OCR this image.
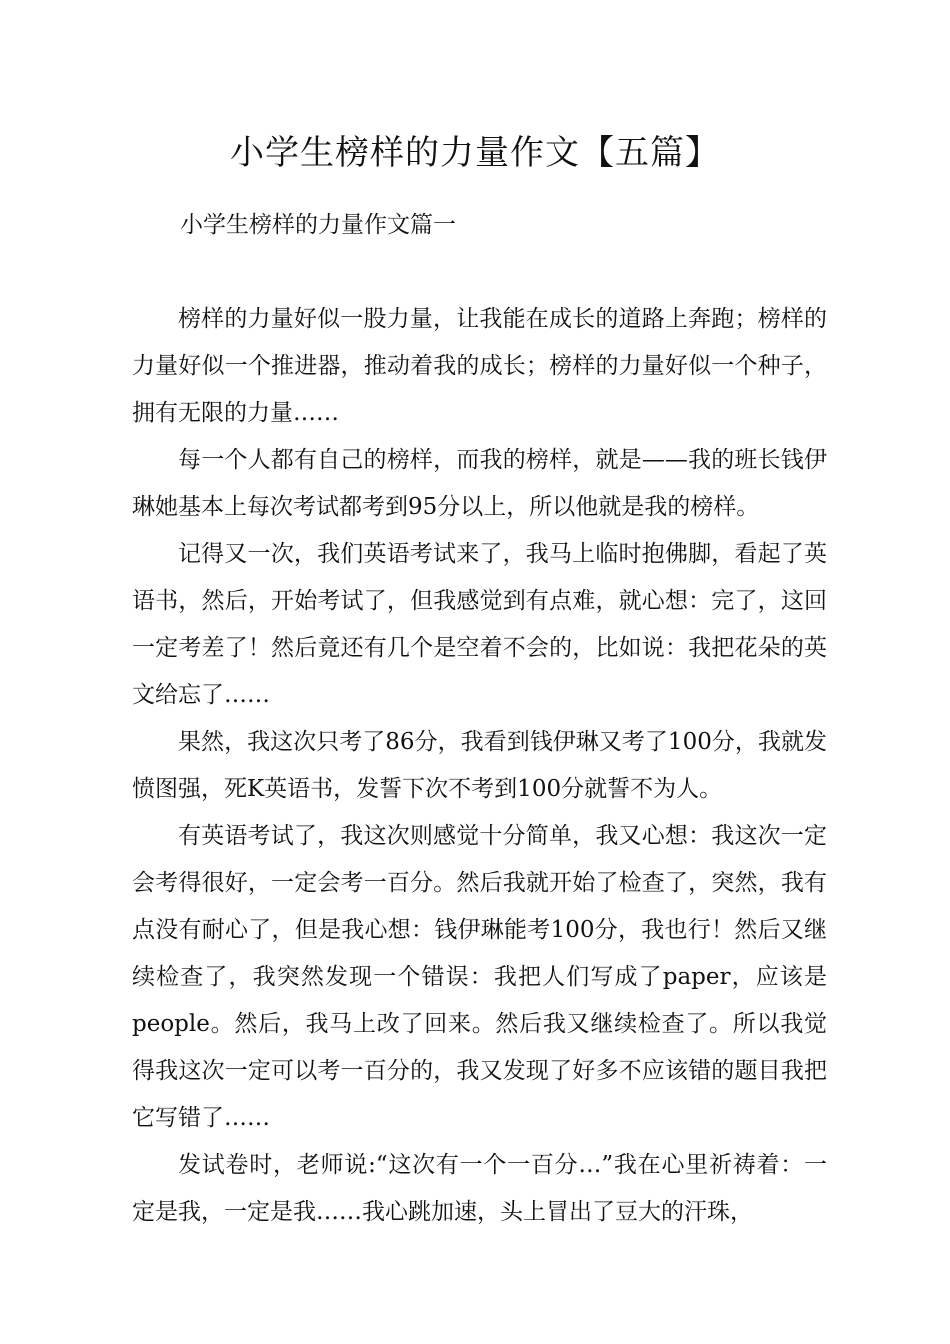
小学生榜样的力量作文【五篇】
小学生榜样的力量作文篇一

榜样的力量好似一股力量，让我能在成长的道路上奔跑；榜样的力量好似一个推进器，推动着我的成长；榜样的力量好似一个种子，拥有无限的力量……

每一个人都有自己的榜样，而我的榜样，就是——我的班长钱伊琳她基本上每次考试都考到95分以上，所以他就是我的榜样。

记得又一次，我们英语考试来了，我马上临时抱佛脚，看起了英语书，然后，开始考试了，但我感觉到有点难，就心想：完了，这回一定考差了！然后竟还有几个是空着不会的，比如说：我把花朵的英文给忘了……

果然，我这次只考了86分，我看到钱伊琳又考了100分，我就发愤图强，死K英语书，发誓下次不考到100分就誓不为人。

有英语考试了，我这次则感觉十分简单，我又心想：我这次一定会考得很好，一定会考一百分。然后我就开始了检查了，突然，我有点没有耐心了，但是我心想：钱伊琳能考100分，我也行！然后又继续检查了，我突然发现一个错误：我把人们写成了paper，应该是people。然后，我马上改了回来。然后我又继续检查了。所以我觉得我这次一定可以考一百分的，我又发现了好多不应该错的题目我把它写错了……

发试卷时，老师说:“这次有一个一百分…”我在心里祈祷着：一定是我，一定是我……我心跳加速，头上冒出了豆大的汗珠，
